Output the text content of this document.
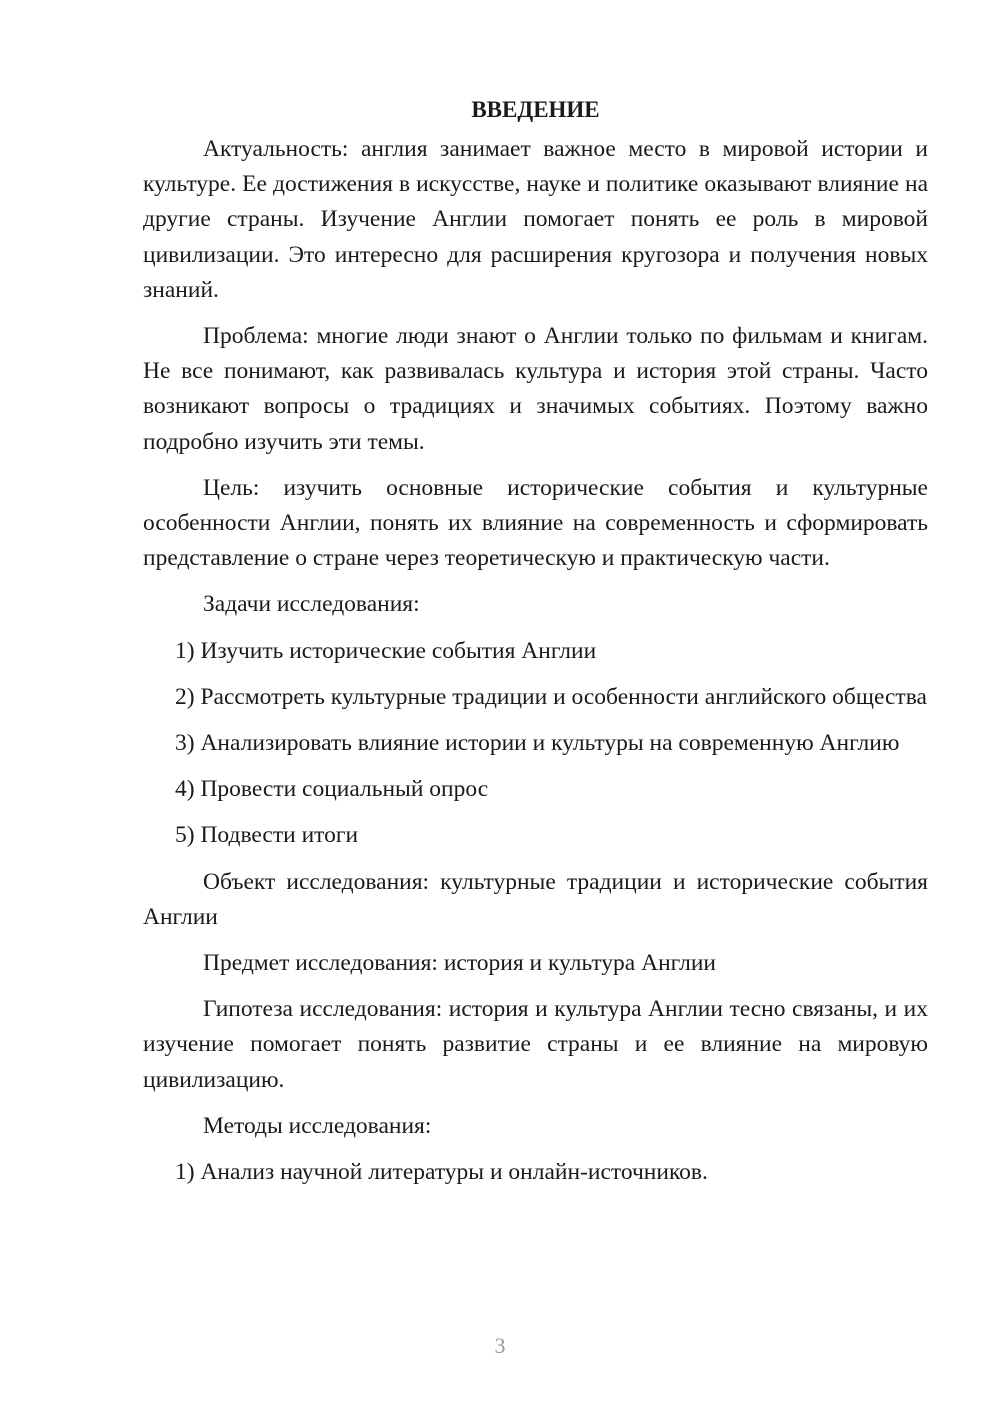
ВВЕДЕНИЕ

Актуальность: англия занимает важное место в мировой истории и культуре. Ее достижения в искусстве, науке и политике оказывают влияние на другие страны. Изучение Англии помогает понять ее роль в мировой цивилизации. Это интересно для расширения кругозора и получения новых знаний.

Проблема: многие люди знают о Англии только по фильмам и книгам. Не все понимают, как развивалась культура и история этой страны. Часто возникают вопросы о традициях и значимых событиях. Поэтому важно подробно изучить эти темы.

Цель: изучить основные исторические события и культурные особенности Англии, понять их влияние на современность и сформировать представление о стране через теоретическую и практическую части.

Задачи исследования:

1) Изучить исторические события Англии

2) Рассмотреть культурные традиции и особенности английского общества

3) Анализировать влияние истории и культуры на современную Англию

4) Провести социальный опрос

5) Подвести итоги

Объект исследования: культурные традиции и исторические события Англии

Предмет исследования: история и культура Англии

Гипотеза исследования: история и культура Англии тесно связаны, и их изучение помогает понять развитие страны и ее влияние на мировую цивилизацию.

Методы исследования:

1) Анализ научной литературы и онлайн-источников.

3
